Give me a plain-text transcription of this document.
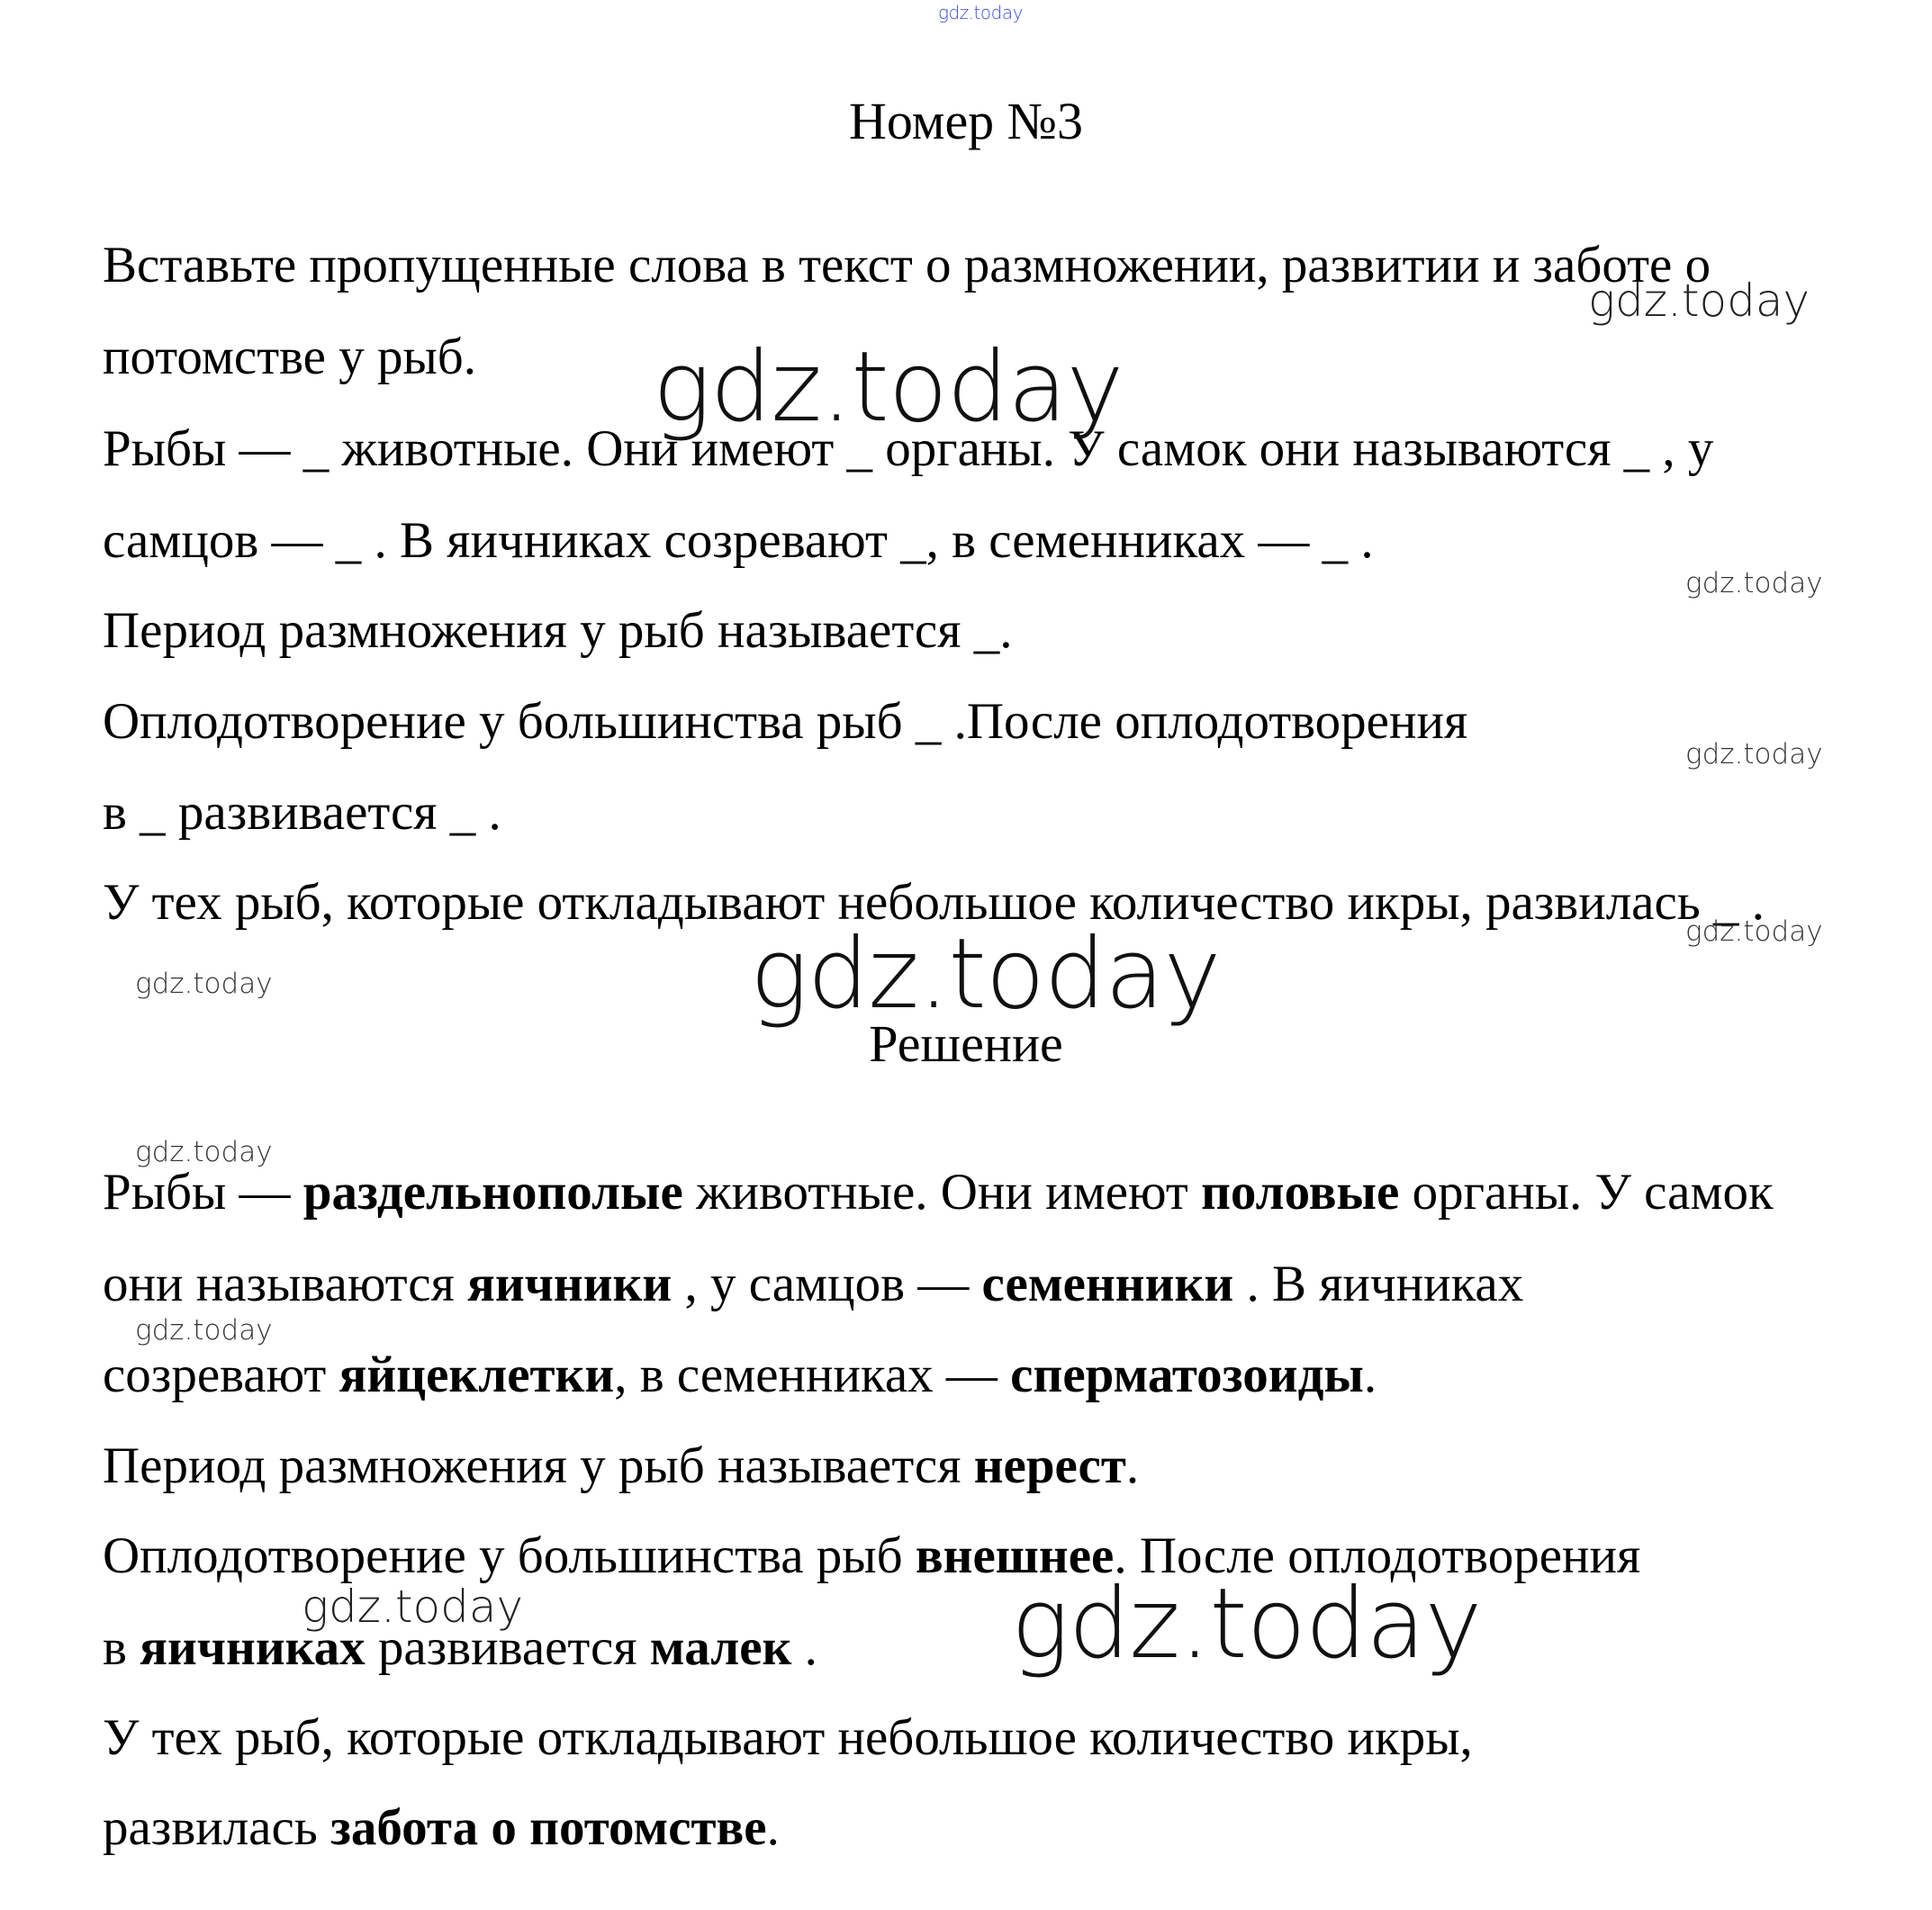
Номер №3
Вставьте пропущенные слова в текст о размножении, развитии и заботе о
потомстве у рыб.
Рыбы — _ животные. Они имеют _ органы. У самок они называются _ , у
самцов — _ . В яичниках созревают _, в семенниках — _ .
Период размножения у рыб называется _.
Оплодотворение у большинства рыб _ .После оплодотворения
в _ развивается _ .
У тех рыб, которые откладывают небольшое количество икры, развилась _ .
Решение
Рыбы — раздельнополые животные. Они имеют половые органы. У самок
они называются яичники , у самцов — семенники . В яичниках
созревают яйцеклетки, в семенниках — сперматозоиды.
Период размножения у рыб называется нерест.
Оплодотворение у большинства рыб внешнее. После оплодотворения
в яичниках развивается малек .
У тех рыб, которые откладывают небольшое количество икры,
развилась забота о потомстве.
gdz.today
gdz.today
gdz.today
gdz.today
gdz.today
gdz.today
gdz.today
gdz.today
gdz.today
gdz.today
gdz.today	gdz.today
